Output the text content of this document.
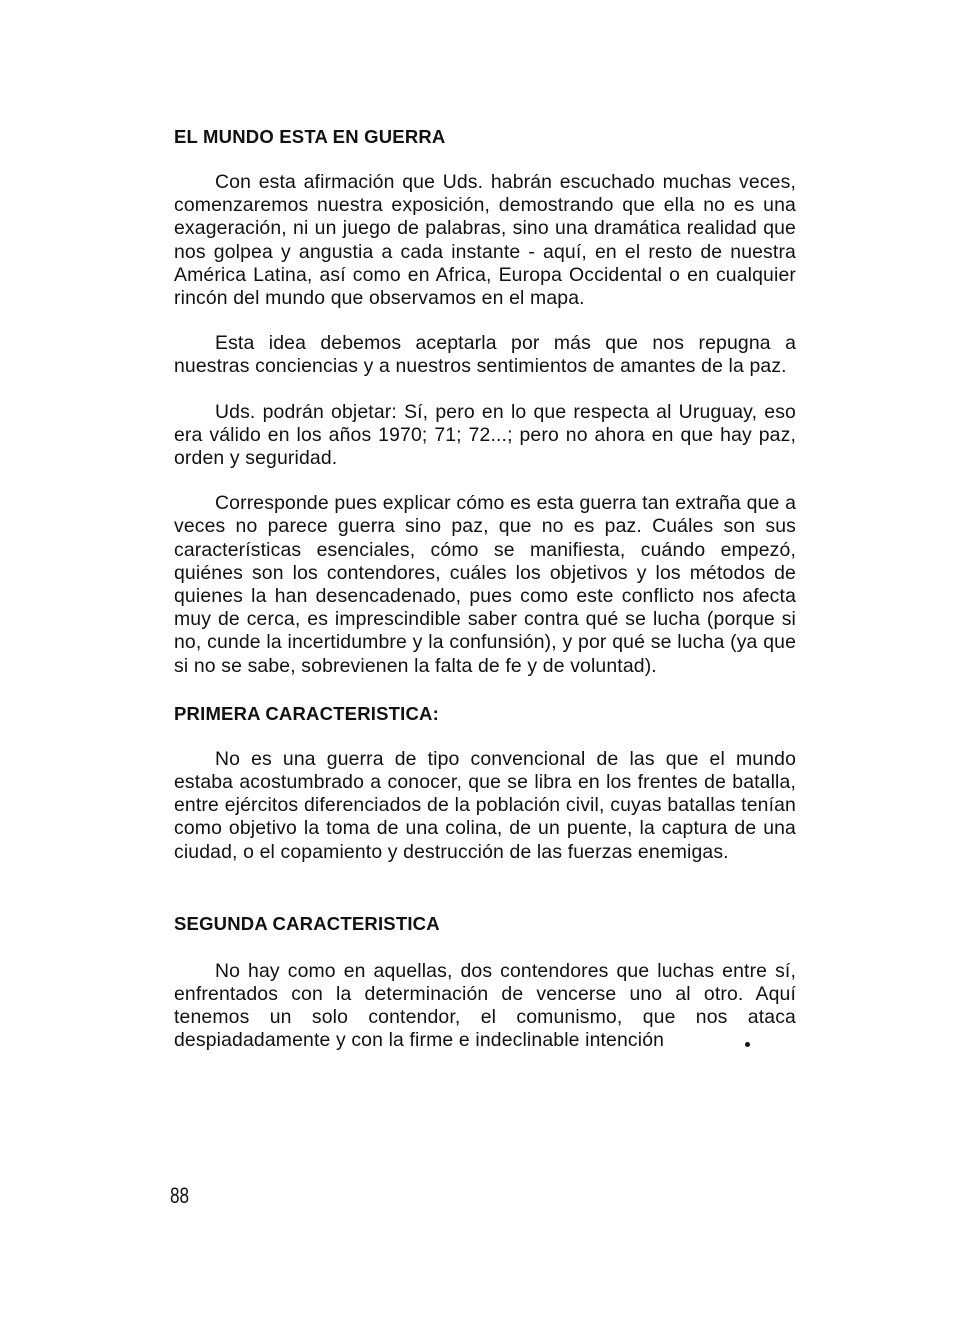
EL MUNDO ESTA EN GUERRA

Con esta afirmación que Uds. habrán escuchado muchas veces, comenzaremos nuestra exposición, demostrando que ella no es una exageración, ni un juego de palabras, sino una dramática realidad que nos golpea y angustia a cada instante - aquí, en el resto de nuestra América Latina, así como en Africa, Europa Occidental o en cualquier rincón del mundo que observamos en el mapa.

Esta idea debemos aceptarla por más que nos repugna a nuestras conciencias y a nuestros sentimientos de amantes de la paz.

Uds. podrán objetar: Sí, pero en lo que respecta al Uruguay, eso era válido en los años 1970; 71; 72...; pero no ahora en que hay paz, orden y seguridad.

Corresponde pues explicar cómo es esta guerra tan extraña que a veces no parece guerra sino paz, que no es paz. Cuáles son sus características esenciales, cómo se manifiesta, cuándo empezó, quiénes son los contendores, cuáles los objetivos y los métodos de quienes la han desencadenado, pues como este conflicto nos afecta muy de cerca, es imprescindible saber contra qué se lucha (porque si no, cunde la incertidumbre y la confunsión), y por qué se lucha (ya que si no se sabe, sobrevienen la falta de fe y de voluntad).

PRIMERA CARACTERISTICA:

No es una guerra de tipo convencional de las que el mundo estaba acostumbrado a conocer, que se libra en los frentes de batalla, entre ejércitos diferenciados de la población civil, cuyas batallas tenían como objetivo la toma de una colina, de un puente, la captura de una ciudad, o el copamiento y destrucción de las fuerzas enemigas.

SEGUNDA CARACTERISTICA

No hay como en aquellas, dos contendores que luchas entre sí, enfrentados con la determinación de vencerse uno al otro. Aquí tenemos un solo contendor, el comunismo, que nos ataca despiadadamente y con la firme e indeclinable intención

88
